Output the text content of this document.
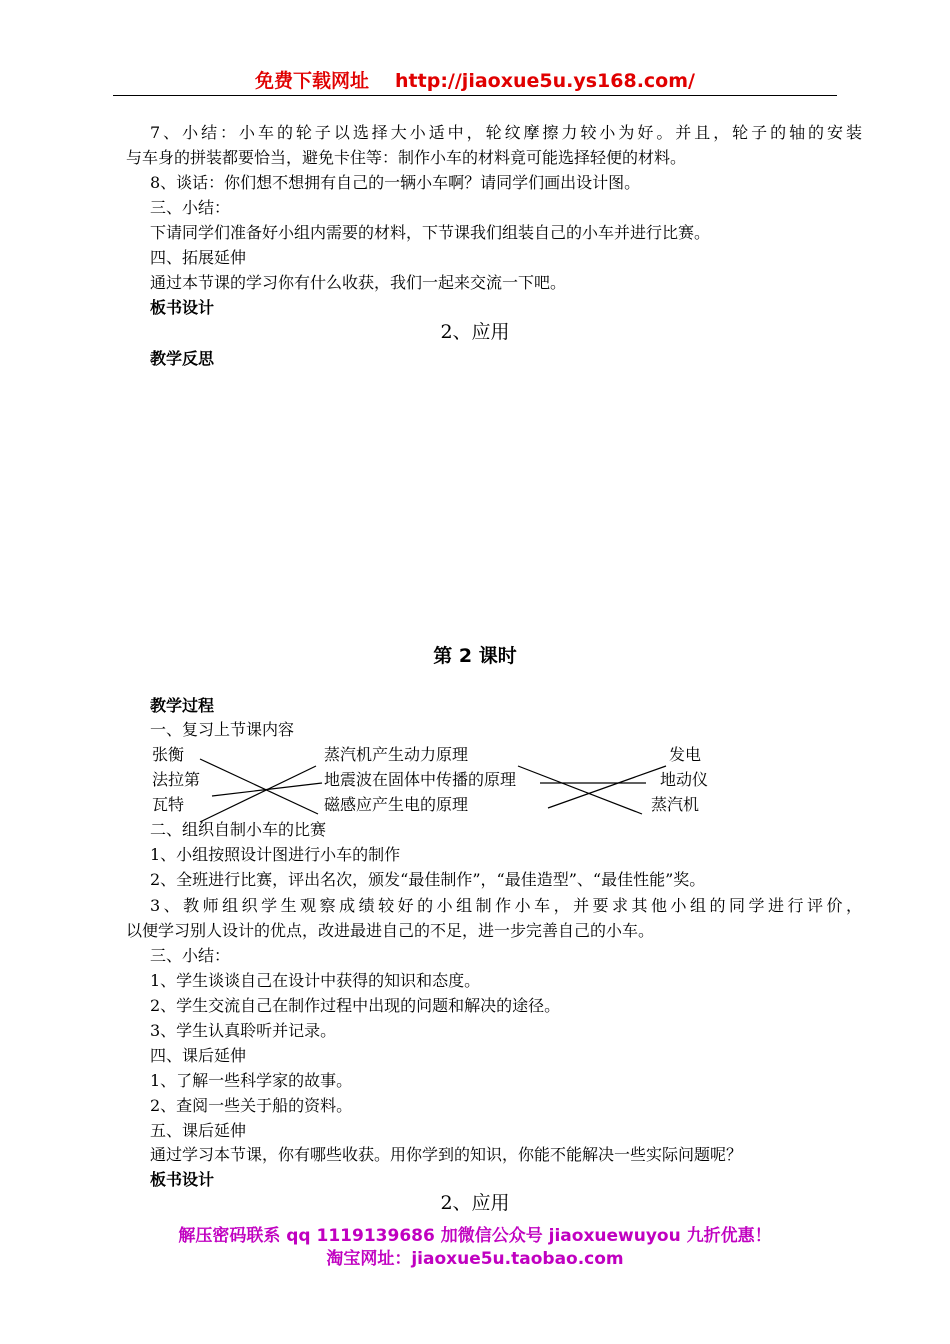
免费下载网址 http://jiaoxue5u.ys168.com/
7、小结：小车的轮子以选择大小适中，轮纹摩擦力较小为好。并且，轮子的轴的安装
与车身的拼装都要恰当，避免卡住等：制作小车的材料竟可能选择轻便的材料。
8、谈话：你们想不想拥有自己的一辆小车啊？请同学们画出设计图。
三、小结：
下请同学们准备好小组内需要的材料，下节课我们组装自己的小车并进行比赛。
四、拓展延伸
通过本节课的学习你有什么收获，我们一起来交流一下吧。
板书设计
2、应用
教学反思
第 2 课时
教学过程
一、复习上节课内容
张衡
法拉第
瓦特
蒸汽机产生动力原理
地震波在固体中传播的原理
磁感应产生电的原理
发电
地动仪
蒸汽机
二、组织自制小车的比赛
1、小组按照设计图进行小车的制作
2、全班进行比赛，评出名次，颁发“最佳制作”，“最佳造型”、“最佳性能”奖。
3、教师组织学生观察成绩较好的小组制作小车，并要求其他小组的同学进行评价，
以便学习别人设计的优点，改进最进自己的不足，进一步完善自己的小车。
三、小结：
1、学生谈谈自己在设计中获得的知识和态度。
2、学生交流自己在制作过程中出现的问题和解决的途径。
3、学生认真聆听并记录。
四、课后延伸
1、了解一些科学家的故事。
2、查阅一些关于船的资料。
五、课后延伸
通过学习本节课，你有哪些收获。用你学到的知识，你能不能解决一些实际问题呢？
板书设计
2、应用
解压密码联系 qq 1119139686 加微信公众号 jiaoxuewuyou 九折优惠！
淘宝网址：jiaoxue5u.taobao.com
